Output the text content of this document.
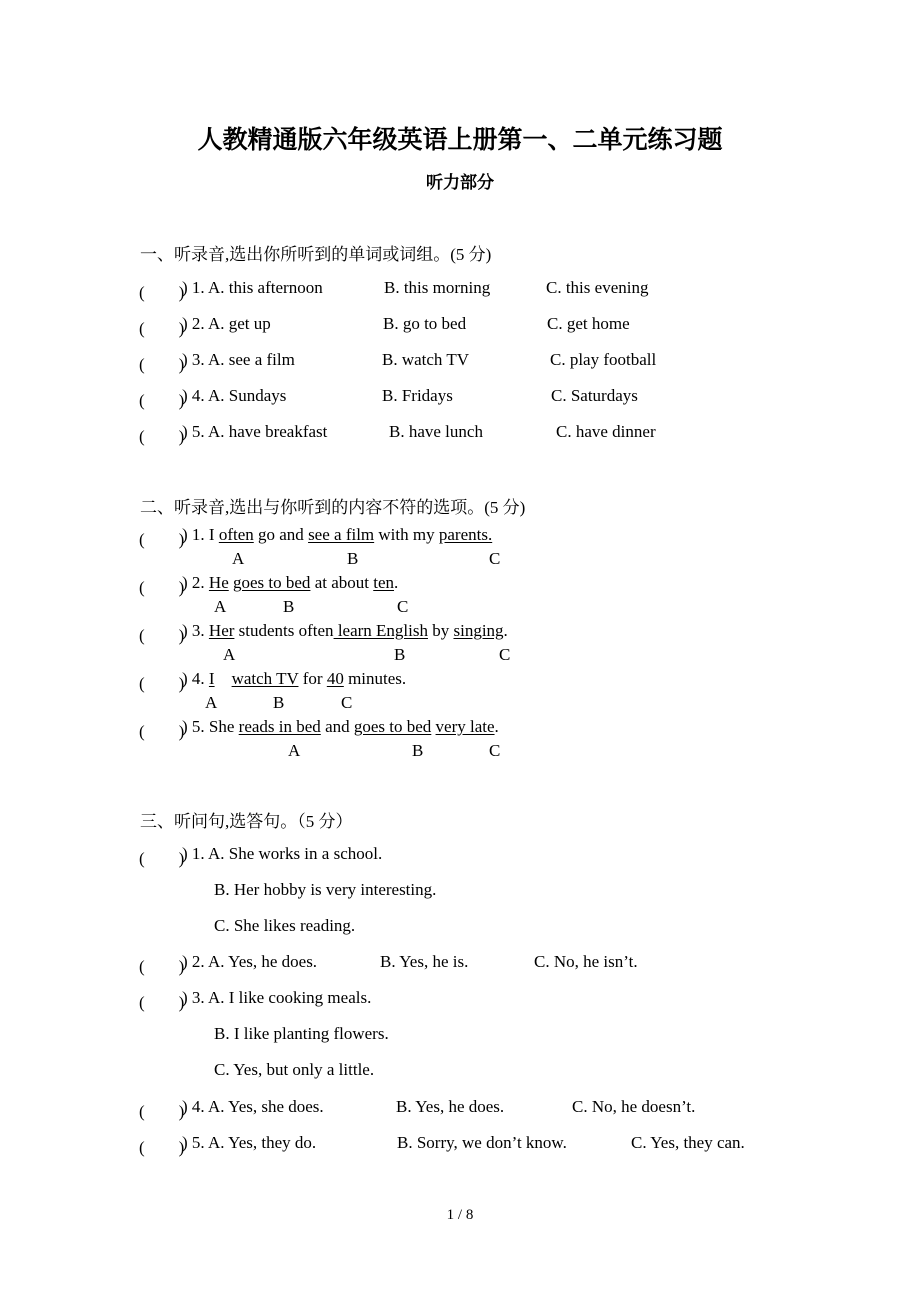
人教精通版六年级英语上册第一、二单元练习题
听力部分
一、听录音,选出你所听到的单词或词组。(5 分)
(　　)
) 1. A. this afternoon	B. this morning	C. this evening
(　　)
) 2. A. get up	B. go to bed	C. get home
(　　)
) 3. A. see a film	B. watch TV	C. play football
(　　)
) 4. A. Sundays	B. Fridays	C. Saturdays
(　　)
) 5. A. have breakfast	B. have lunch	C. have dinner
二、听录音,选出与你听到的内容不符的选项。(5 分)
(　　)
) 1. I often go and see a film with my parents.
A	B	C
(　　)
) 2. He goes to bed at about ten.
A	B	C
(　　)
) 3. Her students often learn English by singing.
A	B	C
(　　)
) 4. I watch TV for 40 minutes.
A	B	C
(　　)
) 5. She reads in bed and goes to bed very late.
A	B	C
三、听问句,选答句。（5 分）
(　　)
) 1. A. She works in a school.
B. Her hobby is very interesting.
C. She likes reading.
(　　)
) 2. A. Yes, he does.	B. Yes, he is.	C. No, he isn’t.
(　　)
) 3. A. I like cooking meals.
B. I like planting flowers.
C. Yes, but only a little.
(　　)
) 4. A. Yes, she does.	B. Yes, he does.	C. No, he doesn’t.
(　　)
) 5. A. Yes, they do.	B. Sorry, we don’t know.	C. Yes, they can.
1 / 8
